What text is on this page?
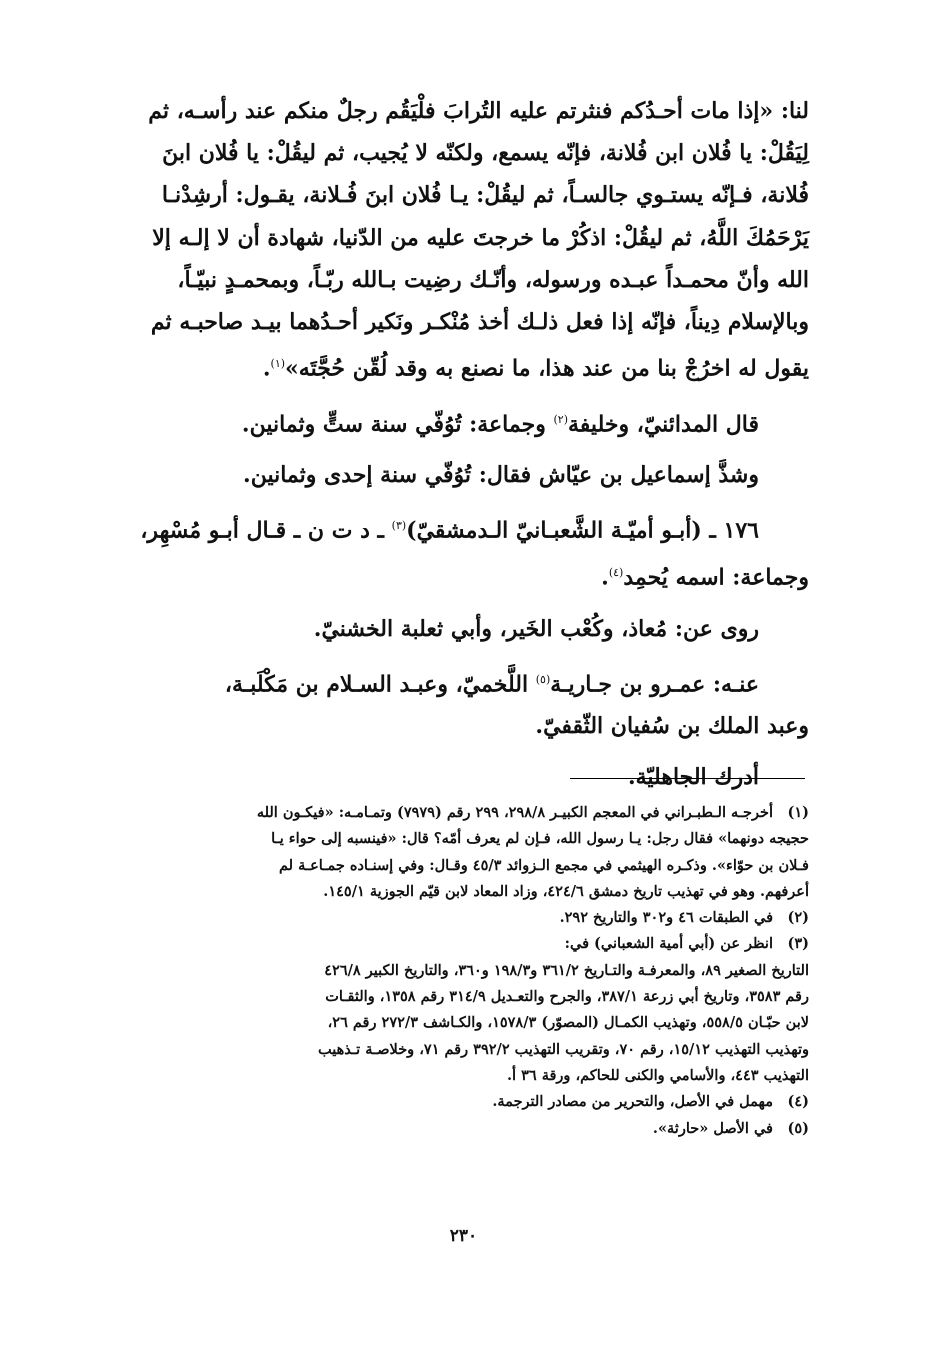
لنا: «إذا مات أحـدُكم فنثرتم عليه التُرابَ فلْيَقُم رجلٌ منكم عند رأسـه، ثم

لِيَقُلْ: يا فُلان ابن فُلانة، فإنّه يسمع، ولكنّه لا يُجيب، ثم ليقُلْ: يا فُلان ابنَ

فُلانة، فـإنّه يستـوي جالسـاً، ثم ليقُلْ: يـا فُلان ابنَ فُـلانة، يقـول: أرشِدْنـا

يَرْحَمُكَ اللَّهُ، ثم ليقُلْ: اذكُرْ ما خرجتَ عليه من الدّنيا، شهادة أن لا إلـه إلا

الله وأنّ محمـداً عبـده ورسوله، وأنّـك رضِيت بـالله ربّـاً، وبمحمـدٍ نبيّـاً،

وبالإسلام دِيناً، فإنّه إذا فعل ذلـك أخذ مُنْكـر ونَكير أحـدُهما بيـد صاحبـه ثم

يقول له اخرُجْ بنا من عند هذا، ما نصنع به وقد لُقّن حُجَّتَه»$^{(١)}$.

قال المدائنيّ، وخليفة$^{(٢)}$ وجماعة: تُوُفّي سنة ستٍّ وثمانين.

وشذَّ إسماعيل بن عيّاش فقال: تُوُفّي سنة إحدى وثمانين.

١٧٦ ـ (أبـو أميّـة الشَّعبـانيّ الـدمشقيّ)$^{(٣)}$ ـ د ت ن ـ قـال أبـو مُسْهِر،

وجماعة: اسمه يُحمِد$^{(٤)}$.

روى عن: مُعاذ، وكُعْب الخَير، وأبي ثعلبة الخشنيّ.

عنـه: عمـرو بن جـاريـة$^{(٥)}$ اللَّخميّ، وعبـد السـلام بن مَكْلَبـة،

وعبد الملك بن سُفيان الثّقفيّ.

أدرك الجاهليّة.

(١)أخرجـه الـطبـراني في المعجم الكبيـر ٢٩٨/٨، ٢٩٩ رقم (٧٩٧٩) وتمـامـه: «فيكـون الله

حجيجه دونهما» فقال رجل: يـا رسول الله، فـإن لم يعرف أمّه؟ قال: «فينسبه إلى حواء يـا

فـلان بن حوّاء». وذكـره الهيثمي في مجمع الـزوائد ٤٥/٣ وقـال: وفي إسنـاده جمـاعـة لم

أعرفهم. وهو في تهذيب تاريخ دمشق ٤٢٤/٦، وزاد المعاد لابن قيّم الجوزية ١٤٥/١.

(٢)في الطبقات ٤٦ و٣٠٢ والتاريخ ٢٩٢.

(٣)انظر عن (أبي أمية الشعباني) في:

التاريخ الصغير ٨٩، والمعرفـة والتـاريخ ٣٦١/٢ و١٩٨/٣ و٣٦٠، والتاريخ الكبير ٤٢٦/٨

رقم ٣٥٨٣، وتاريخ أبي زرعة ٣٨٧/١، والجرح والتعـديل ٣١٤/٩ رقم ١٣٥٨، والثقـات

لابن حبّـان ٥٥٨/٥، وتهذيب الكمـال (المصوّر) ١٥٧٨/٣، والكـاشف ٢٧٢/٣ رقم ٢٦،

وتهذيب التهذيب ١٥/١٢، رقم ٧٠، وتقريب التهذيب ٣٩٢/٢ رقم ٧١، وخلاصـة تـذهيب

التهذيب ٤٤٣، والأسامي والكنى للحاكم، ورقة ٣٦ أ.

(٤)مهمل في الأصل، والتحرير من مصادر الترجمة.

(٥)في الأصل «حارثة».

٢٣٠
